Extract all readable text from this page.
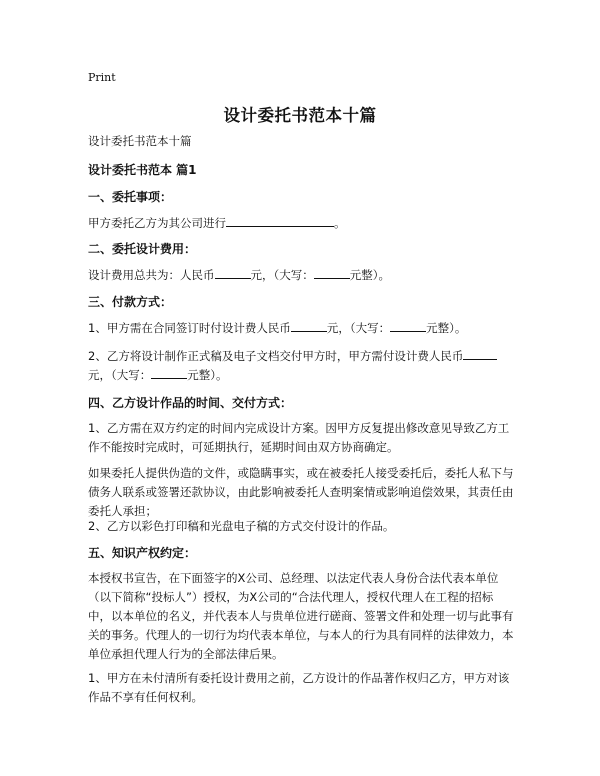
Print
设计委托书范本十篇
设计委托书范本十篇
设计委托书范本 篇1
一、委托事项：
甲方委托乙方为其公司进行	。
二、委托设计费用：
设计费用总共为：人民币	元，（大写：	元整）。
三、付款方式：
1、甲方需在合同签订时付设计费人民币	元，（大写：	元整）。
2、乙方将设计制作正式稿及电子文档交付甲方时，甲方需付设计费人民币元，（大写：	元整）。
四、乙方设计作品的时间、交付方式：
1、乙方需在双方约定的时间内完成设计方案。因甲方反复提出修改意见导致乙方工作不能按时完成时，可延期执行，延期时间由双方协商确定。
如果委托人提供伪造的文件，或隐瞒事实，或在被委托人接受委托后，委托人私下与债务人联系或签署还款协议，由此影响被委托人查明案情或影响追偿效果，其责任由委托人承担；
2、乙方以彩色打印稿和光盘电子稿的方式交付设计的作品。
五、知识产权约定：
本授权书宣告，在下面签字的X公司、总经理、以法定代表人身份合法代表本单位（以下简称“投标人”）授权，为X公司的“合法代理人，授权代理人在工程的招标中，以本单位的名义，并代表本人与贵单位进行磋商、签署文件和处理一切与此事有关的事务。代理人的一切行为均代表本单位，与本人的行为具有同样的法律效力，本单位承担代理人行为的全部法律后果。
1、甲方在未付清所有委托设计费用之前，乙方设计的作品著作权归乙方，甲方对该作品不享有任何权利。
